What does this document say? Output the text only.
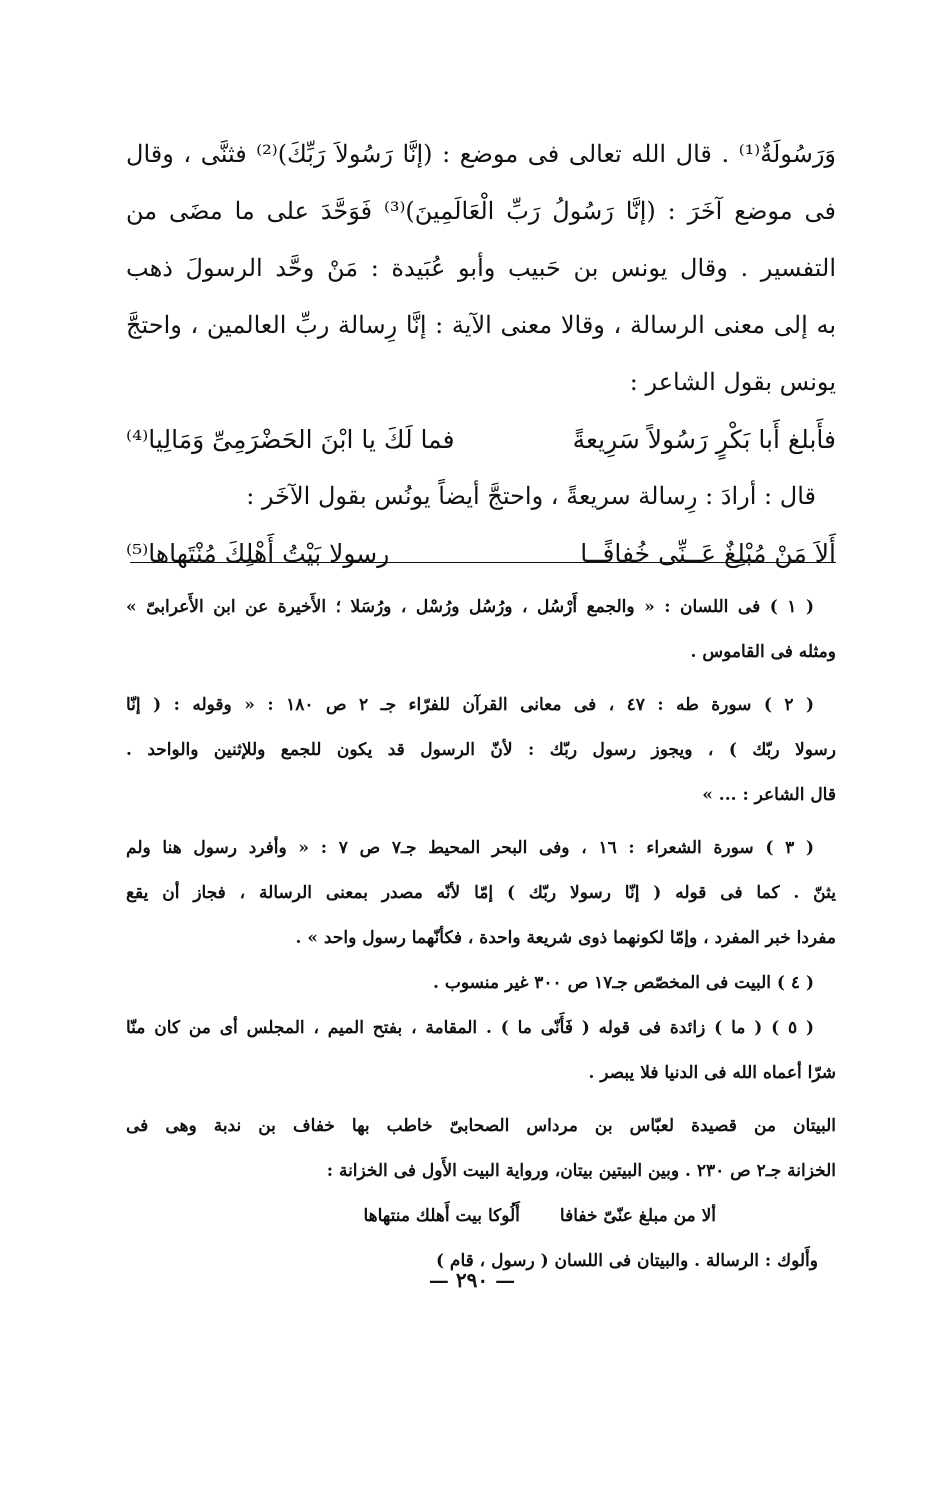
وَرَسُولَةٌ⁽¹⁾ . قال الله تعالى فى موضع : (إنَّا رَسُولاَ رَبِّكَ)⁽²⁾ فثنَّى ، وقال
فى موضع آخَرَ : (إنَّا رَسُولُ رَبِّ الْعَالَمِينَ)⁽³⁾ فَوَحَّدَ على ما مضَى من
التفسير . وقال يونس بن حَبيب وأبو عُبَيدة : مَنْ وحَّد الرسولَ ذهب
به إلى معنى الرسالة ، وقالا معنى الآية : إنَّا رِسالة ربِّ العالمين ، واحتجَّ
يونس بقول الشاعر :
فأَبلغ أَبا بَكْرٍ رَسُولاً سَرِيعةً
فما لَكَ يا ابْنَ الحَضْرَمِىِّ وَمَالِيا⁽⁴⁾
قال : أرادَ : رِسالة سريعةً ، واحتجَّ أيضاً يونُس بقول الآخَر :
أَلاَ مَنْ مُبْلِغٌ عَــنِّى خُفافًــا
رسولا بَيْتُ أَهْلِكَ مُنْتَهاها⁽⁵⁾
( ١ ) فى اللسان : « والجمع أَرْسُل ، ورُسُل ورُسْل ، ورُسَلا ؛ الأَخيرة عن ابن الأَعرابىّ »
ومثله فى القاموس .
( ٢ ) سورة طه : ٤٧ ، فى معانى القرآن للفرّاء جـ ٢ ص ١٨٠ : « وقوله : ( إنّا
رسولا ربّك ) ، ويجوز رسول ربّك : لأنّ الرسول قد يكون للجمع وللإثنين والواحد .
قال الشاعر : ... »
( ٣ ) سورة الشعراء : ١٦ ، وفى البحر المحيط جـ٧ ص ٧ : « وأفرد رسول هنا ولم
يثنّ . كما فى قوله ( إنّا رسولا ربّك ) إمّا لأنّه مصدر بمعنى الرسالة ، فجاز أن يقع
مفردا خبر المفرد ، وإمّا لكونهما ذوى شريعة واحدة ، فكأنّهما رسول واحد » .
( ٤ ) البيت فى المخصّص جـ١٧ ص ٣٠٠ غير منسوب .
( ٥ ) ( ما ) زائدة فى قوله ( فَأَنّى ما ) . المقامة ، بفتح الميم ، المجلس أى من كان منّا
شرّا أعماه الله فى الدنيا فلا يبصر .
البيتان من قصيدة لعبّاس بن مرداس الصحابىّ خاطب بها خفاف بن ندبة وهى فى
الخزانة جـ٢ ص ٢٣٠ . وبين البيتين بيتان، ورواية البيت الأَول فى الخزانة :
ألا من مبلغ عنّىّ خفافاأَلُوكا بيت أَهلك منتهاها
وأَلوك : الرسالة . والبيتان فى اللسان ( رسول ، قام )
— ٢٩٠ —
